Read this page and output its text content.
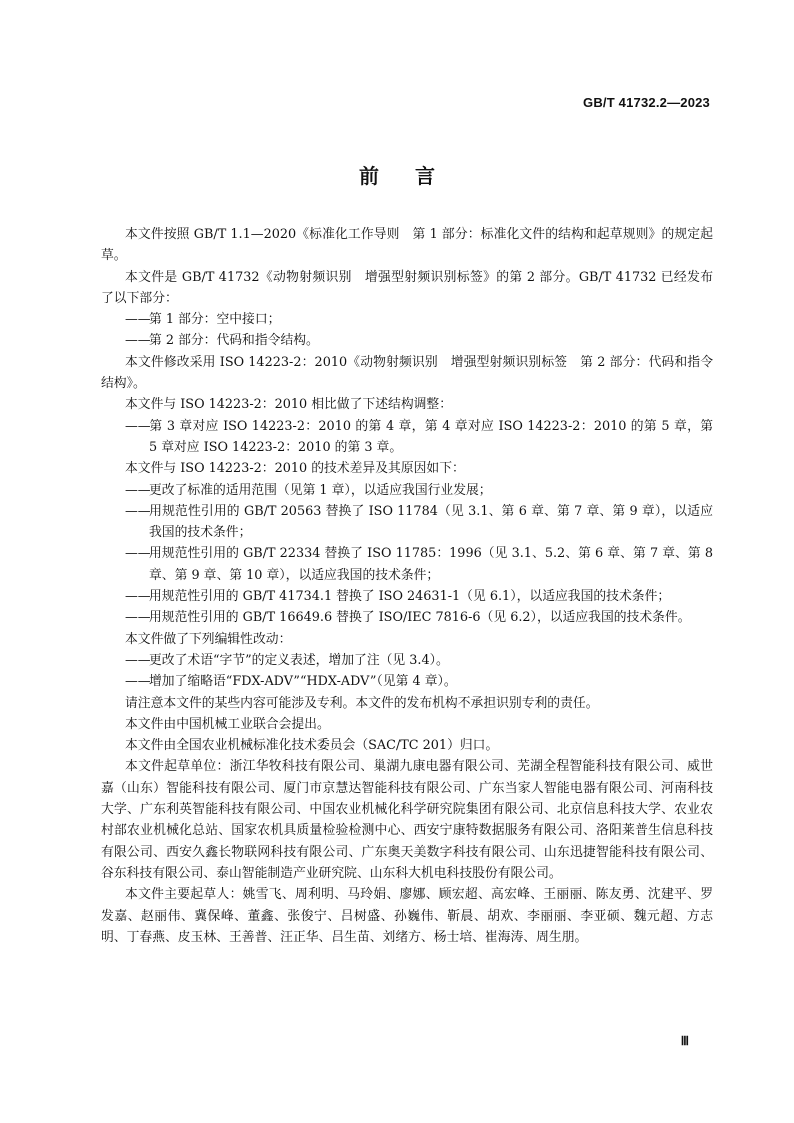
GB/T 41732.2—2023
前言

本文件按照 GB/T 1.1—2020《标准化工作导则　第 1 部分：标准化文件的结构和起草规则》的规定起草。

本文件是 GB/T 41732《动物射频识别　增强型射频识别标签》的第 2 部分。GB/T 41732 已经发布了以下部分：

——第 1 部分：空中接口；

——第 2 部分：代码和指令结构。

本文件修改采用 ISO 14223-2：2010《动物射频识别　增强型射频识别标签　第 2 部分：代码和指令结构》。

本文件与 ISO 14223-2：2010 相比做了下述结构调整：

——第 3 章对应 ISO 14223-2：2010 的第 4 章，第 4 章对应 ISO 14223-2：2010 的第 5 章，第 5 章对应 ISO 14223-2：2010 的第 3 章。

本文件与 ISO 14223-2：2010 的技术差异及其原因如下：

——更改了标准的适用范围（见第 1 章），以适应我国行业发展；

——用规范性引用的 GB/T 20563 替换了 ISO 11784（见 3.1、第 6 章、第 7 章、第 9 章），以适应我国的技术条件；

——用规范性引用的 GB/T 22334 替换了 ISO 11785：1996（见 3.1、5.2、第 6 章、第 7 章、第 8 章、第 9 章、第 10 章），以适应我国的技术条件；

——用规范性引用的 GB/T 41734.1 替换了 ISO 24631-1（见 6.1），以适应我国的技术条件；

——用规范性引用的 GB/T 16649.6 替换了 ISO/IEC 7816-6（见 6.2），以适应我国的技术条件。

本文件做了下列编辑性改动：

——更改了术语“字节”的定义表述，增加了注（见 3.4）。

——增加了缩略语“FDX-ADV”“HDX-ADV”（见第 4 章）。

请注意本文件的某些内容可能涉及专利。本文件的发布机构不承担识别专利的责任。

本文件由中国机械工业联合会提出。

本文件由全国农业机械标准化技术委员会（SAC/TC 201）归口。

本文件起草单位：浙江华牧科技有限公司、巢湖九康电器有限公司、芜湖全程智能科技有限公司、威世嘉（山东）智能科技有限公司、厦门市京慧达智能科技有限公司、广东当家人智能电器有限公司、河南科技大学、广东利英智能科技有限公司、中国农业机械化科学研究院集团有限公司、北京信息科技大学、农业农村部农业机械化总站、国家农机具质量检验检测中心、西安宁康特数据服务有限公司、洛阳莱普生信息科技有限公司、西安久鑫长物联网科技有限公司、广东奥天美数字科技有限公司、山东迅捷智能科技有限公司、谷东科技有限公司、泰山智能制造产业研究院、山东科大机电科技股份有限公司。

本文件主要起草人：姚雪飞、周利明、马玲娟、廖娜、顾宏超、高宏峰、王丽丽、陈友勇、沈建平、罗发嘉、赵丽伟、冀保峰、董鑫、张俊宁、吕树盛、孙巍伟、靳晨、胡欢、李丽丽、李亚硕、魏元超、方志明、丁春燕、皮玉林、王善普、汪正华、吕生苗、刘绪方、杨士培、崔海涛、周生朋。

Ⅲ
